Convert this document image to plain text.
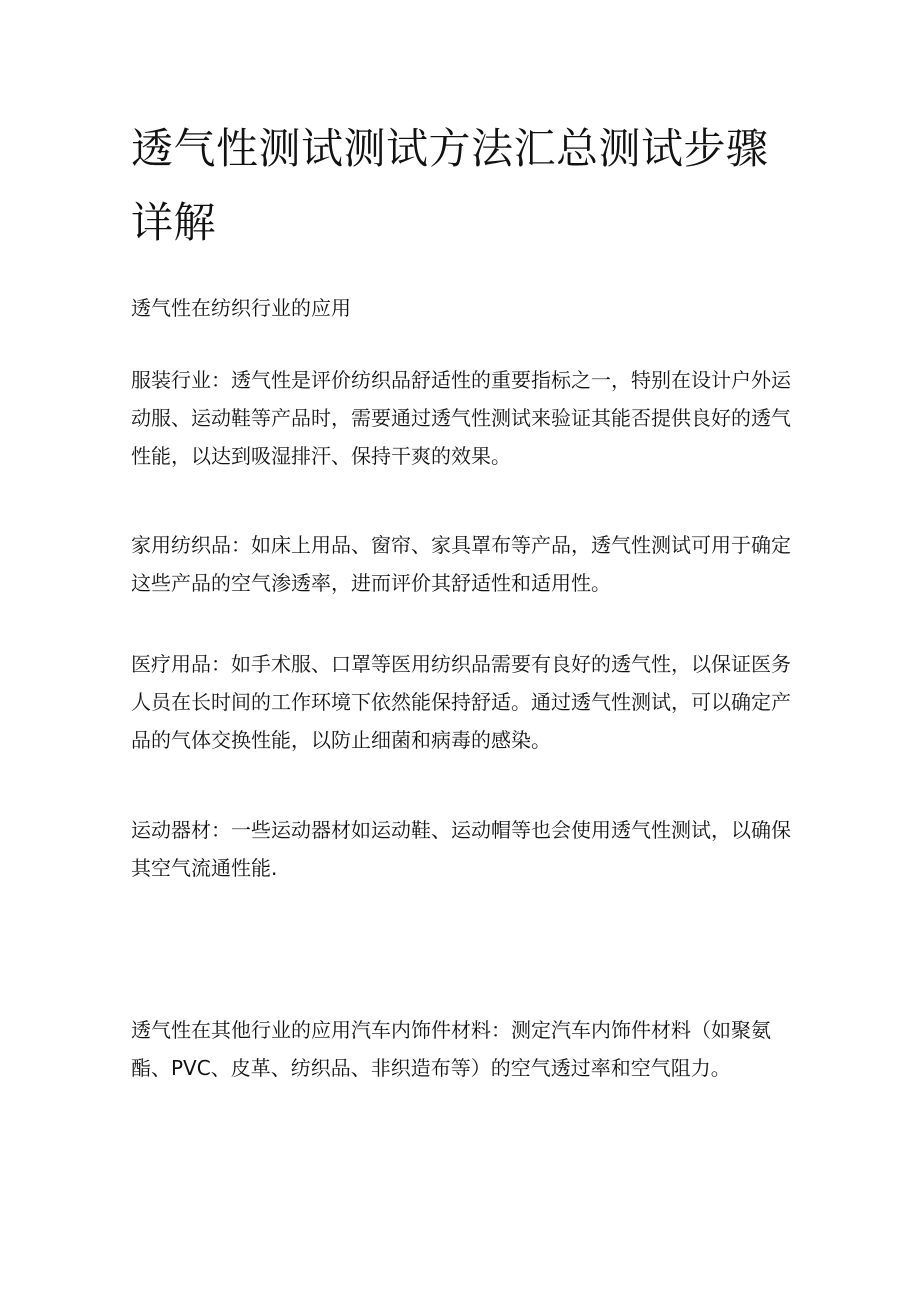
透气性测试测试方法汇总测试步骤详解

透气性在纺织行业的应用

服装行业：透气性是评价纺织品舒适性的重要指标之一，特别在设计户外运动服、运动鞋等产品时，需要通过透气性测试来验证其能否提供良好的透气性能，以达到吸湿排汗、保持干爽的效果。

家用纺织品：如床上用品、窗帘、家具罩布等产品，透气性测试可用于确定这些产品的空气渗透率，进而评价其舒适性和适用性。

医疗用品：如手术服、口罩等医用纺织品需要有良好的透气性，以保证医务人员在长时间的工作环境下依然能保持舒适。通过透气性测试，可以确定产品的气体交换性能，以防止细菌和病毒的感染。

运动器材：一些运动器材如运动鞋、运动帽等也会使用透气性测试，以确保其空气流通性能.

透气性在其他行业的应用汽车内饰件材料：测定汽车内饰件材料（如聚氨酯、PVC、皮革、纺织品、非织造布等）的空气透过率和空气阻力。
